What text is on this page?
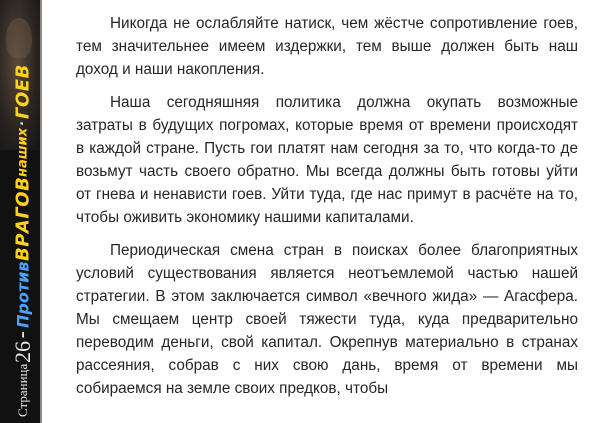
Страница
26
–
Против
ВРАГОВ
наших
·
ГОЕВ

Никогда не ослабляйте натиск, чем жёстче сопротивление гоев, тем значительнее имеем издержки, тем выше должен быть наш доход и наши накопления.

Наша сегодняшняя политика должна окупать возможные затраты в будущих погромах, которые время от времени происходят в каждой стране. Пусть гои платят нам сегодня за то, что когда-то де возьмут часть своего обратно. Мы всегда должны быть готовы уйти от гнева и ненависти гоев. Уйти туда, где нас примут в расчёте на то, чтобы оживить экономику нашими капиталами.

Периодическая смена стран в поисках более благоприятных условий существования является неотъемлемой частью нашей стратегии. В этом заключается символ «вечного жида» — Агасфера. Мы смещаем центр своей тяжести туда, куда предварительно переводим деньги, свой капитал. Окрепнув материально в странах рассеяния, собрав с них свою дань, время от времени мы собираемся на земле своих предков, чтобы
